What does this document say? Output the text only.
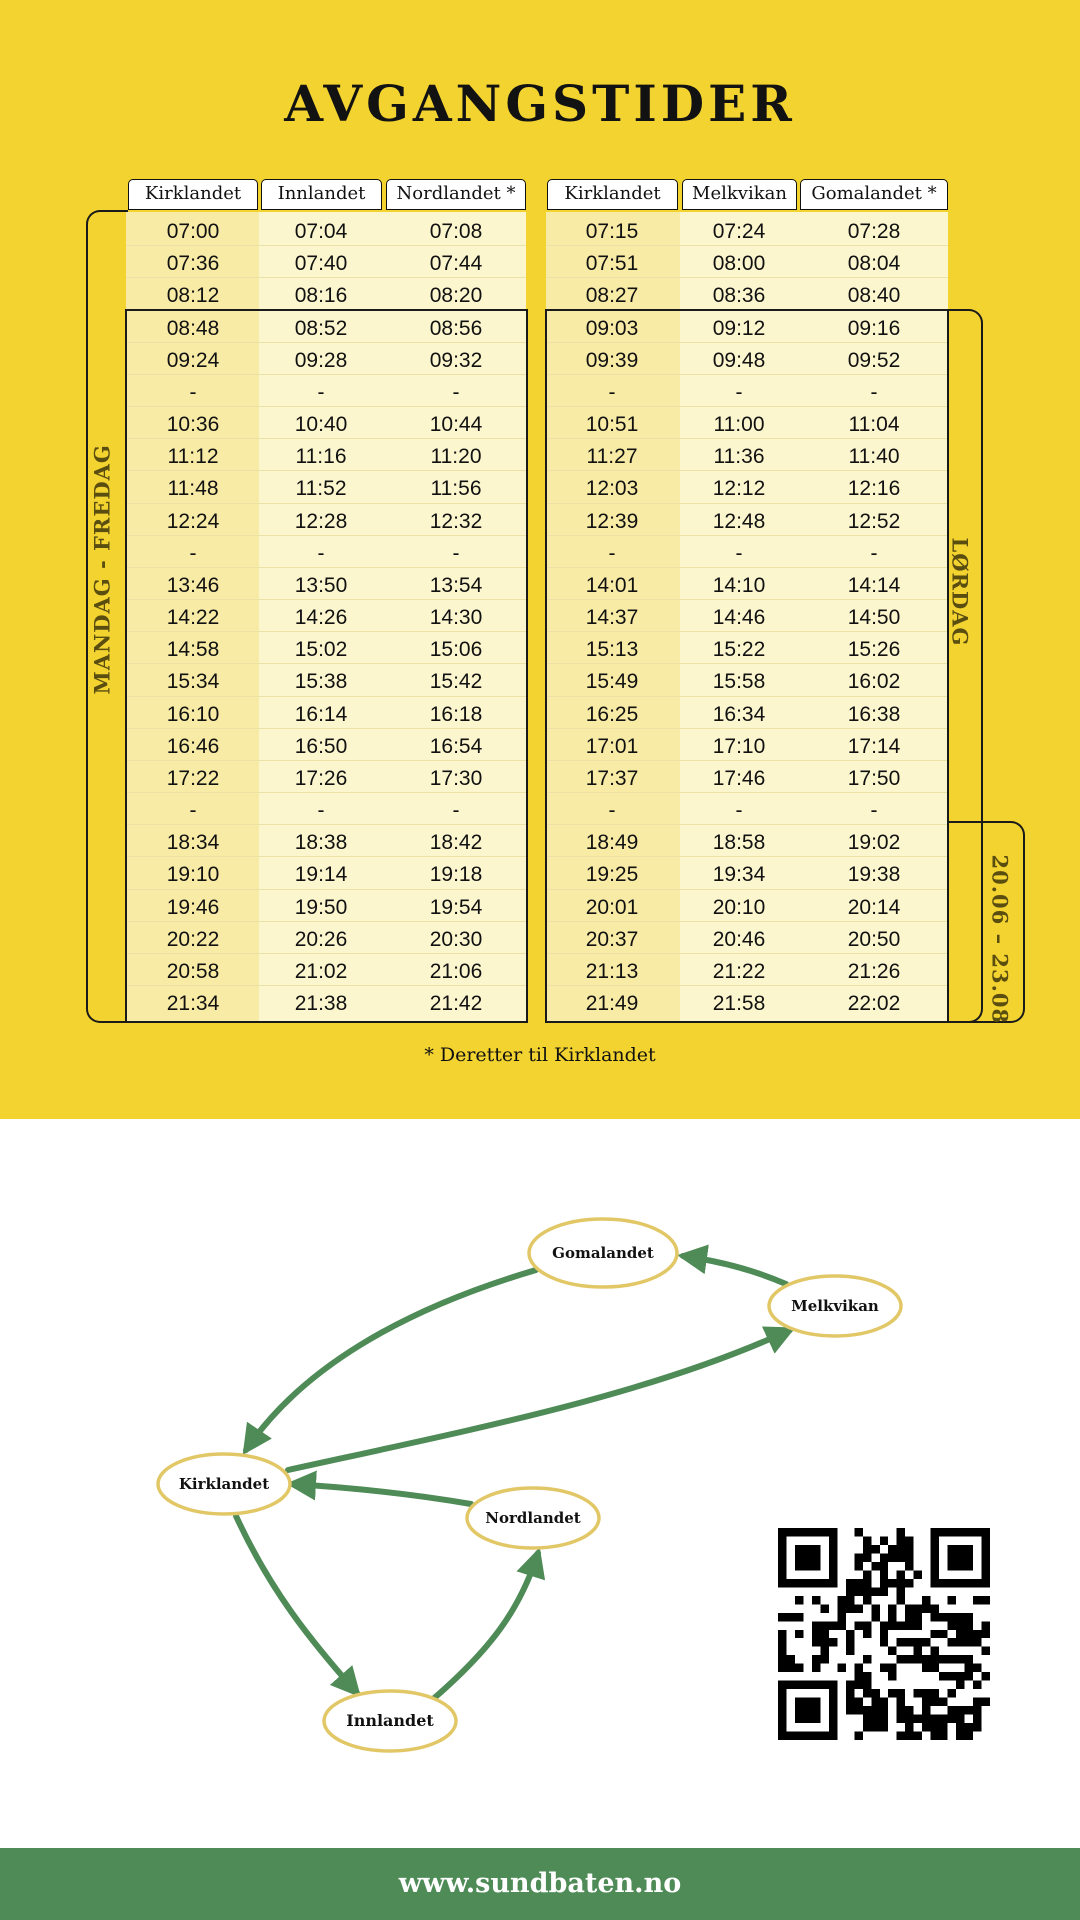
AVGANGSTIDER
Kirklandet	Innlandet	Nordlandet *	Kirklandet	Melkvikan	Gomalandet *
07:00	07:04	07:08	07:15	07:24	07:28
07:36	07:40	07:44	07:51	08:00	08:04
08:12	08:16	08:20	08:27	08:36	08:40
08:48	08:52	08:56	09:03	09:12	09:16
09:24	09:28	09:32	09:39	09:48	09:52
-	-	-	-	-	-
10:36	10:40	10:44	10:51	11:00	11:04
11:12	11:16	11:20	11:27	11:36	11:40
11:48	11:52	11:56	12:03	12:12	12:16
12:24	12:28	12:32	12:39	12:48	12:52
-	-	-	-	-	-
13:46	13:50	13:54	14:01	14:10	14:14
14:22	14:26	14:30	14:37	14:46	14:50
14:58	15:02	15:06	15:13	15:22	15:26
15:34	15:38	15:42	15:49	15:58	16:02
16:10	16:14	16:18	16:25	16:34	16:38
16:46	16:50	16:54	17:01	17:10	17:14
17:22	17:26	17:30	17:37	17:46	17:50
-	-	-	-	-	-
18:34	18:38	18:42	18:49	18:58	19:02
19:10	19:14	19:18	19:25	19:34	19:38
19:46	19:50	19:54	20:01	20:10	20:14
20:22	20:26	20:30	20:37	20:46	20:50
20:58	21:02	21:06	21:13	21:22	21:26
21:34	21:38	21:42	21:49	21:58	22:02
MANDAG - FREDAG	LØRDAG
20.06 – 23.08
* Deretter til Kirklandet
Gomalandet
Melkvikan
Kirklandet
Nordlandet
Innlandet
www.sundbaten.no
